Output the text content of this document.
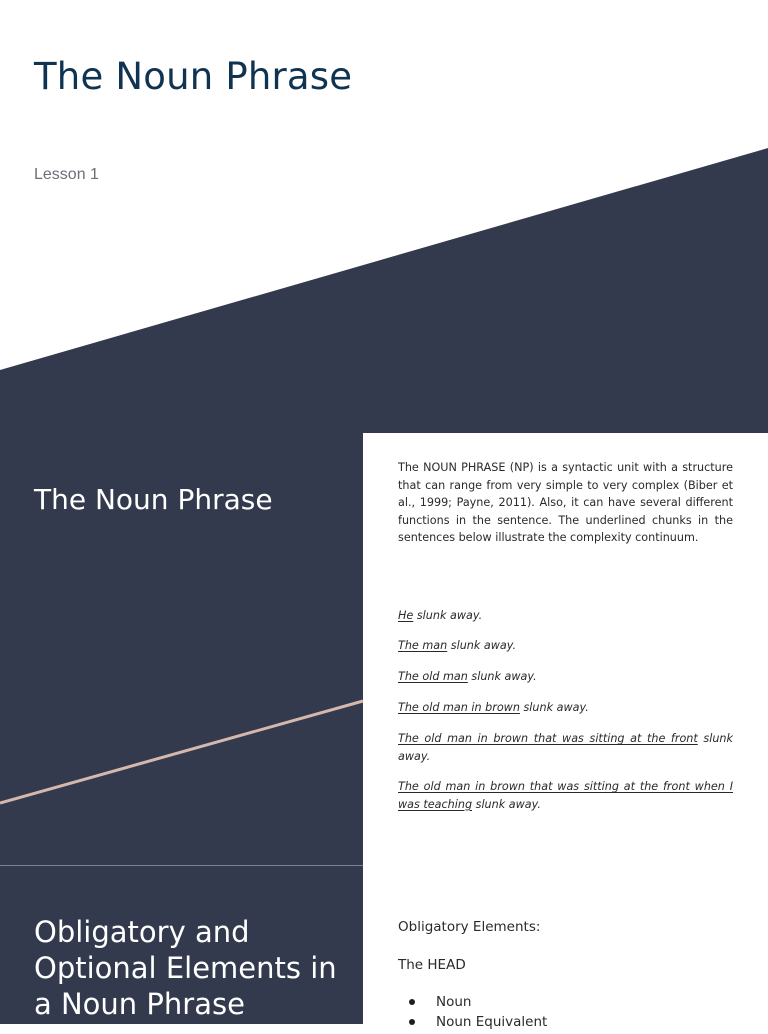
The Noun Phrase

Lesson 1

The Noun Phrase

The NOUN PHRASE (NP) is a syntactic unit with a structure that can range from very simple to very complex (Biber et al., 1999; Payne, 2011). Also, it can have several different functions in the sentence. The underlined chunks in the sentences below illustrate the complexity continuum.

He slunk away.

The man slunk away.

The old man slunk away.

The old man in brown slunk away.

The old man in brown that was sitting at the front slunk away.

The old man in brown that was sitting at the front when I was teaching slunk away.

Obligatory and Optional Elements in a Noun Phrase

Obligatory Elements:

The HEAD

Noun
Noun Equivalent
